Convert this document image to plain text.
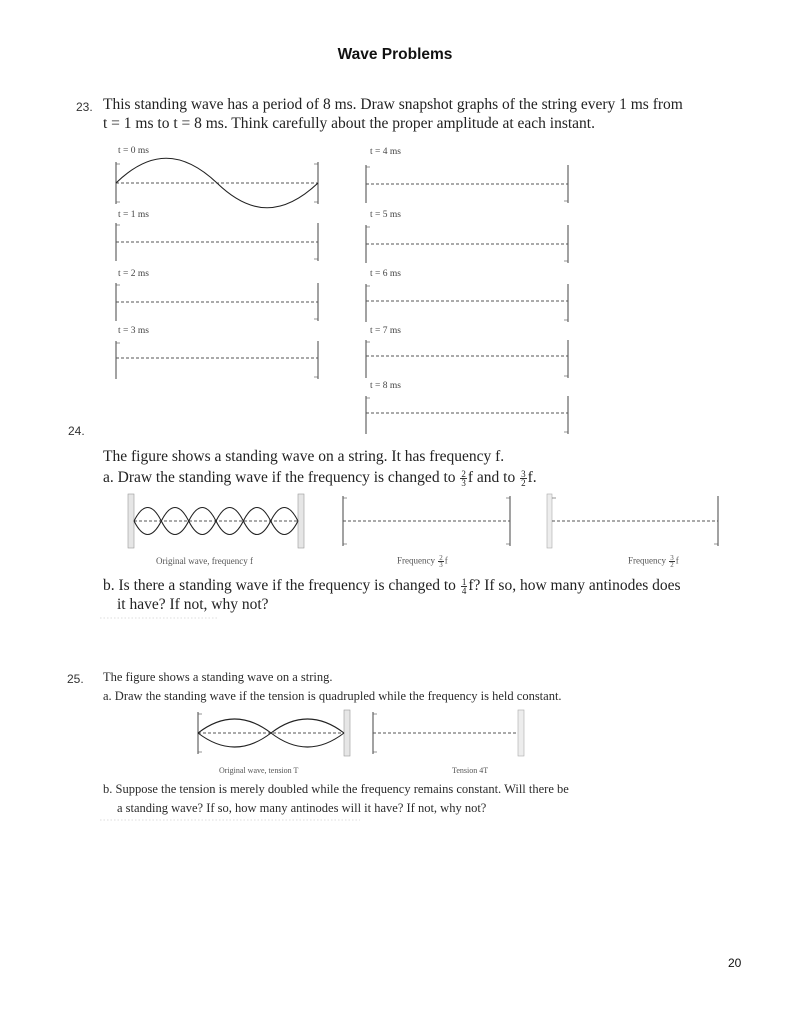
Wave Problems
23. This standing wave has a period of 8 ms. Draw snapshot graphs of the string every 1 ms from
t = 1 ms to t = 8 ms. Think carefully about the proper amplitude at each instant.
t = 0 ms
t = 1 ms
t = 2 ms
t = 3 ms
t = 4 ms
t = 5 ms
t = 6 ms
t = 7 ms
t = 8 ms
24.
The figure shows a standing wave on a string. It has frequency f.
a. Draw the standing wave if the frequency is changed to $\frac{2}{3}$ f and to $\frac{3}{2} f$.
Original wave, frequency f	Frequency $\frac{2}{3}$ f	Frequency $\frac{3}{2}$ f
b. Is there a standing wave if the frequency is changed to $\frac{1}{4} f$? If so, how many antinodes does
it have? If not, why not?
25. The figure shows a standing wave on a string.
a. Draw the standing wave if the tension is quadrupled while the frequency is held constant.
Original wave, tension T	Tension 4T
b. Suppose the tension is merely doubled while the frequency remains constant. Will there be
a standing wave? If so, how many antinodes will it have? If not, why not?
20
